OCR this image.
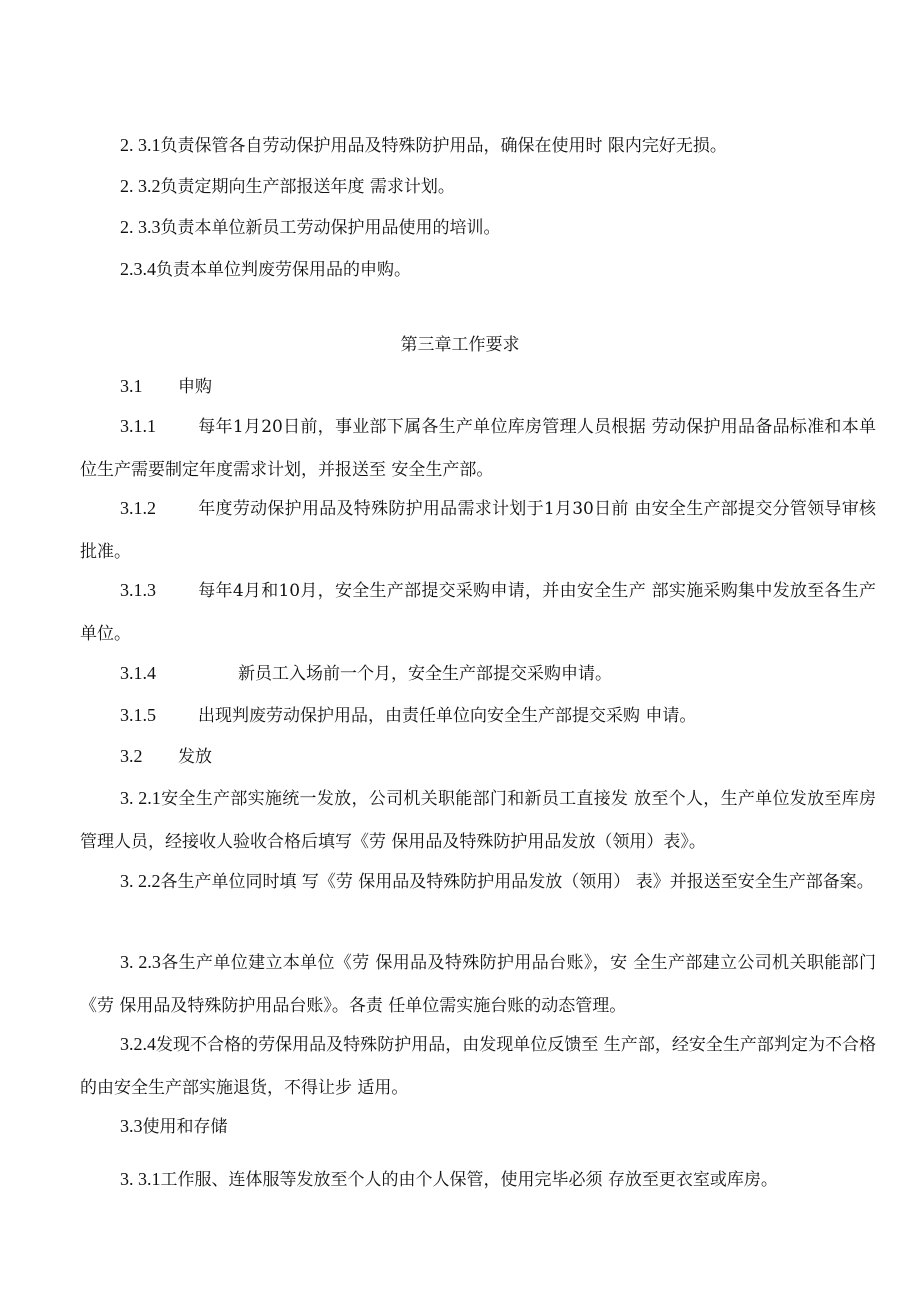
2. 3.1负责保管各自劳动保护用品及特殊防护用品，确保在使用时 限内完好无损。
2. 3.2负责定期向生产部报送年度 需求计划。
2. 3.3负责本单位新员工劳动保护用品使用的培训。
2.3.4负责本单位判废劳保用品的申购。
第三章工作要求
3.1 申购
3.1.1 每年1月20日前，事业部下属各生产单位库房管理人员根据 劳动保护用品备品标准和本单位生产需要制定年度需求计划，并报送至 安全生产部。
3.1.2 年度劳动保护用品及特殊防护用品需求计划于1月30日前 由安全生产部提交分管领导审核批准。
3.1.3 每年4月和10月，安全生产部提交采购申请，并由安全生产 部实施采购集中发放至各生产单位。
3.1.4	新员工入场前一个月，安全生产部提交采购申请。
3.1.5 出现判废劳动保护用品，由责任单位向安全生产部提交采购 申请。
3.2 发放
3. 2.1安全生产部实施统一发放，公司机关职能部门和新员工直接发 放至个人，生产单位发放至库房管理人员，经接收人验收合格后填写《劳 保用品及特殊防护用品发放（领用）表》。
3. 2.2各生产单位同时填 写《劳 保用品及特殊防护用品发放（领用） 表》并报送至安全生产部备案。
3. 2.3各生产单位建立本单位《劳 保用品及特殊防护用品台账》，安 全生产部建立公司机关职能部门《劳 保用品及特殊防护用品台账》。各责 任单位需实施台账的动态管理。
3.2.4发现不合格的劳保用品及特殊防护用品，由发现单位反馈至 生产部，经安全生产部判定为不合格的由安全生产部实施退货，不得让步 适用。
3.3使用和存储
3. 3.1工作服、连体服等发放至个人的由个人保管，使用完毕必须 存放至更衣室或库房。
